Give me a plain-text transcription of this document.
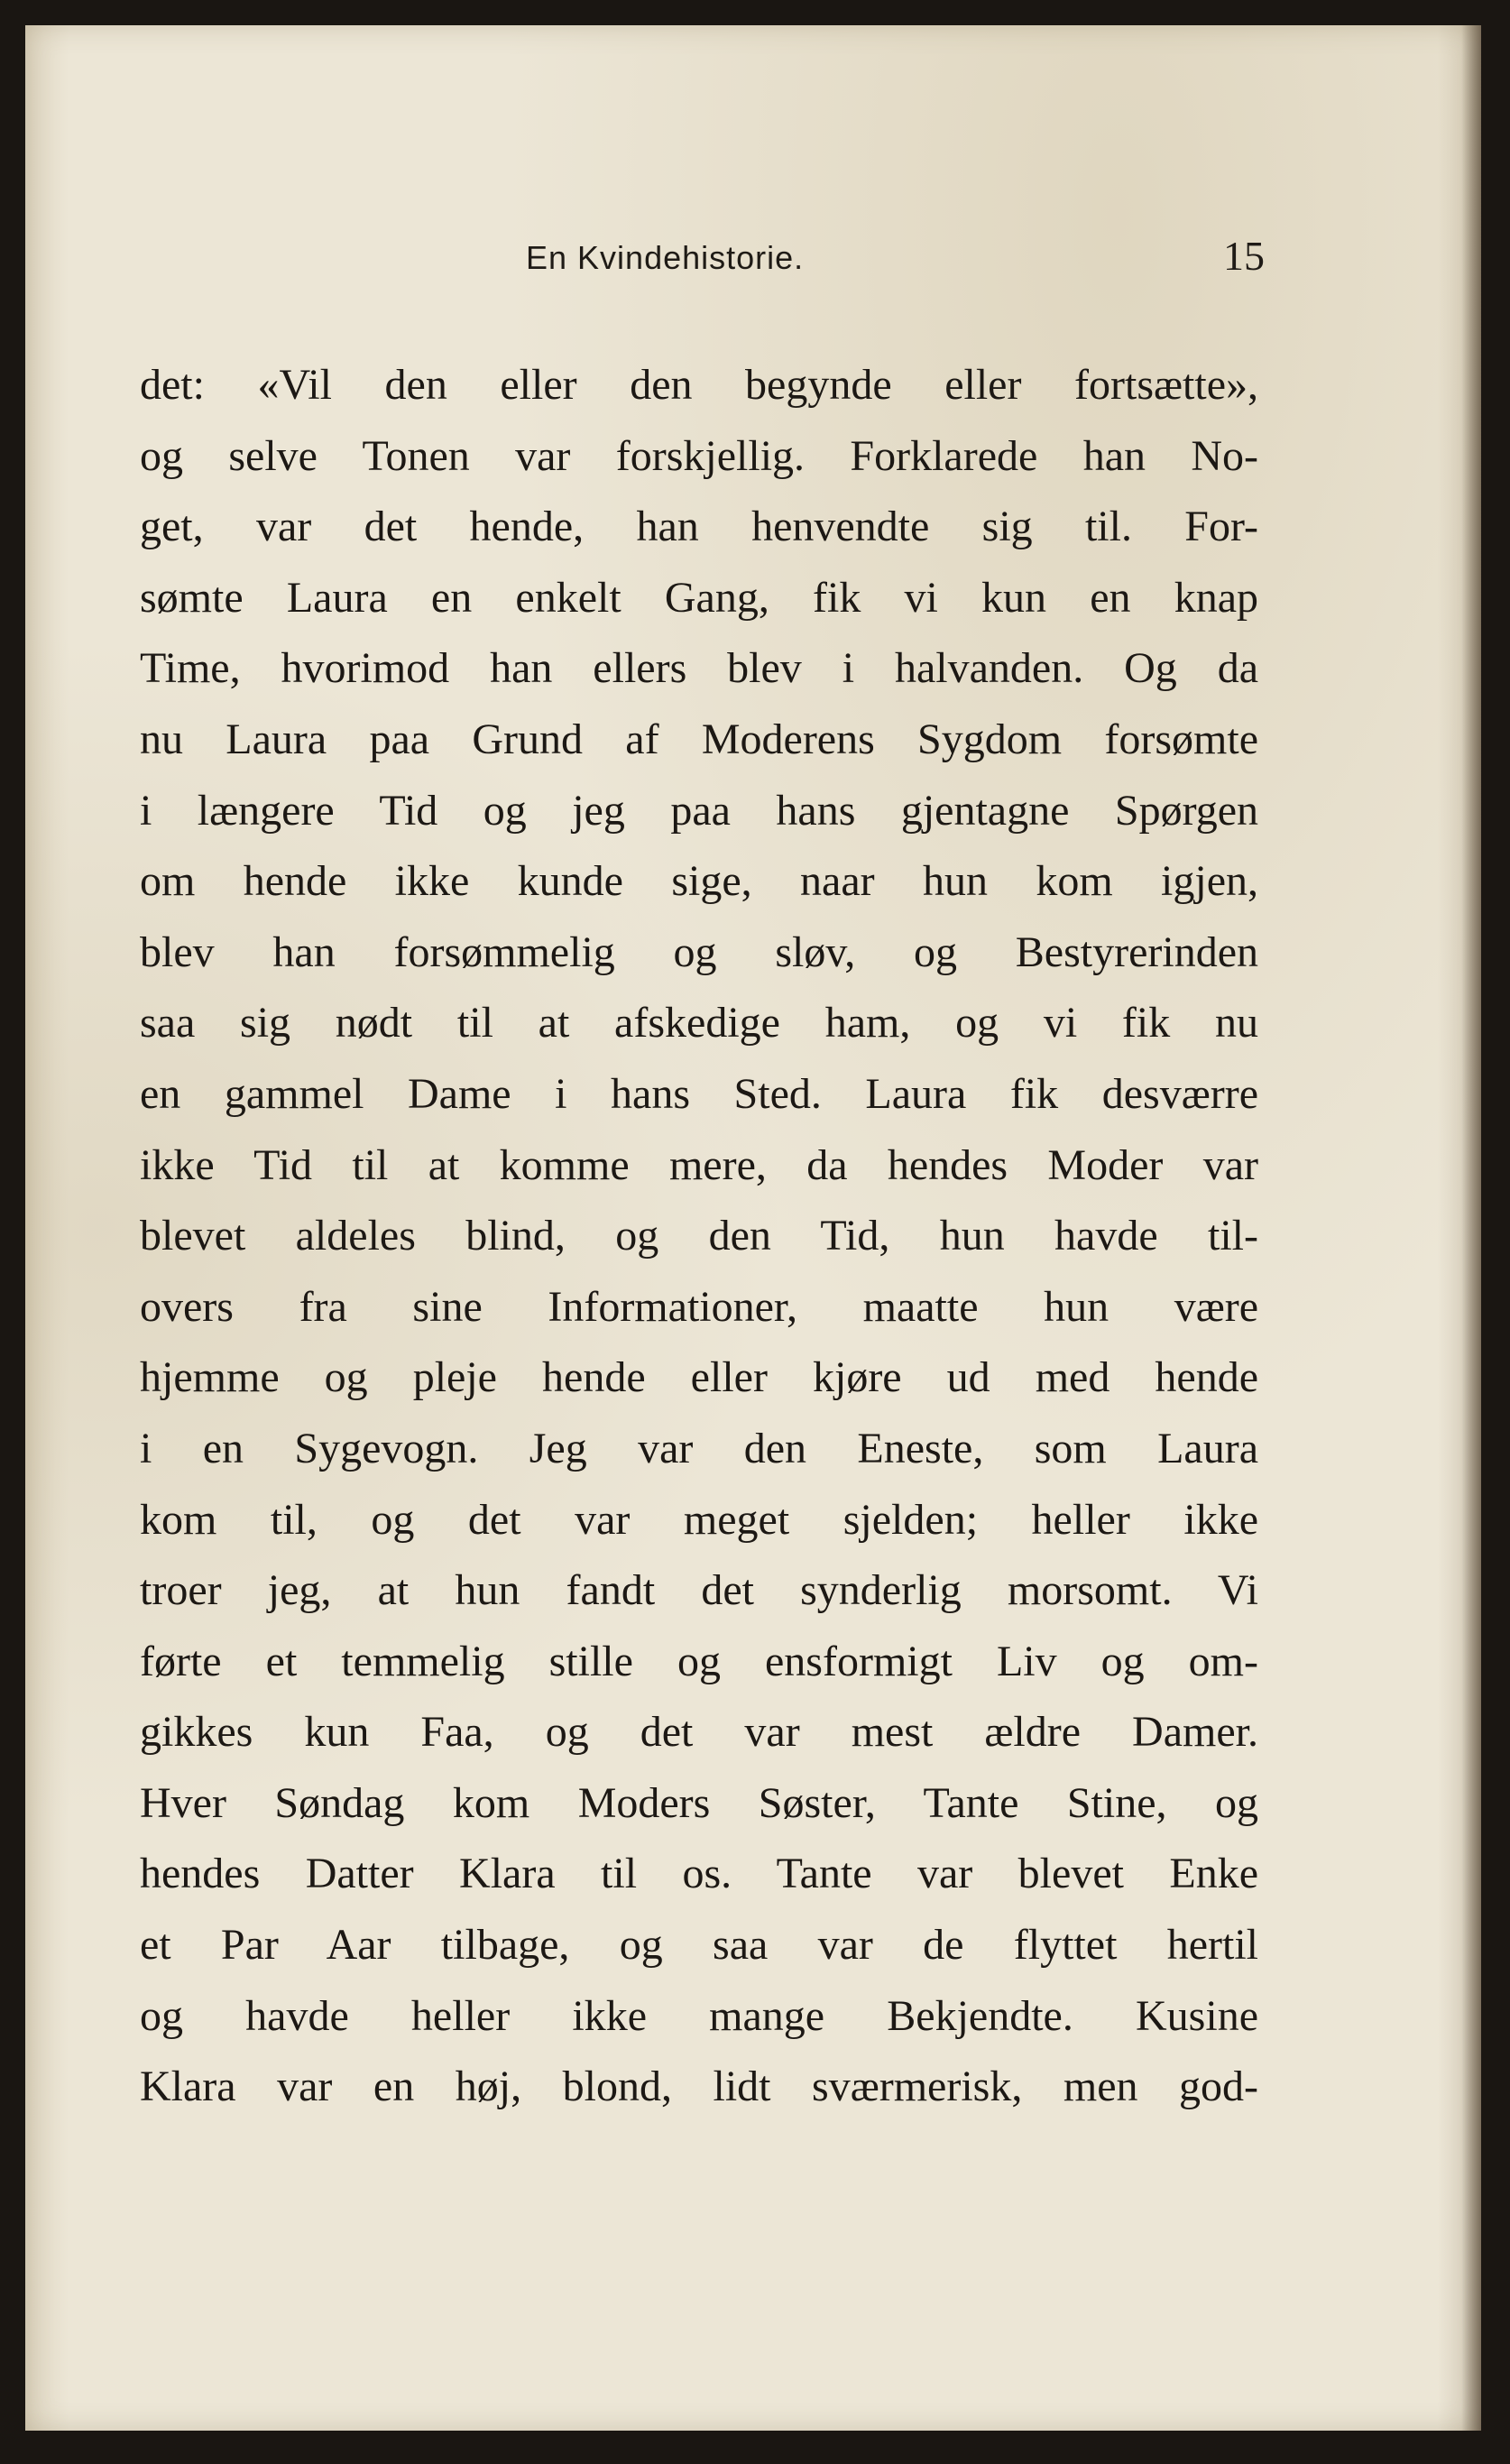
En Kvindehistorie.	15
det: «Vil den eller den begynde eller fortsætte»,
og selve Tonen var forskjellig. Forklarede han No-
get, var det hende, han henvendte sig til. For-
sømte Laura en enkelt Gang, fik vi kun en knap
Time, hvorimod han ellers blev i halvanden. Og da
nu Laura paa Grund af Moderens Sygdom forsømte
i længere Tid og jeg paa hans gjentagne Spørgen
om hende ikke kunde sige, naar hun kom igjen,
blev han forsømmelig og sløv, og Bestyrerinden
saa sig nødt til at afskedige ham, og vi fik nu
en gammel Dame i hans Sted. Laura fik desværre
ikke Tid til at komme mere, da hendes Moder var
blevet aldeles blind, og den Tid, hun havde til-
overs fra sine Informationer, maatte hun være
hjemme og pleje hende eller kjøre ud med hende
i en Sygevogn. Jeg var den Eneste, som Laura
kom til, og det var meget sjelden; heller ikke
troer jeg, at hun fandt det synderlig morsomt. Vi
førte et temmelig stille og ensformigt Liv og om-
gikkes kun Faa, og det var mest ældre Damer.
Hver Søndag kom Moders Søster, Tante Stine, og
hendes Datter Klara til os. Tante var blevet Enke
et Par Aar tilbage, og saa var de flyttet hertil
og havde heller ikke mange Bekjendte. Kusine
Klara var en høj, blond, lidt sværmerisk, men god-
